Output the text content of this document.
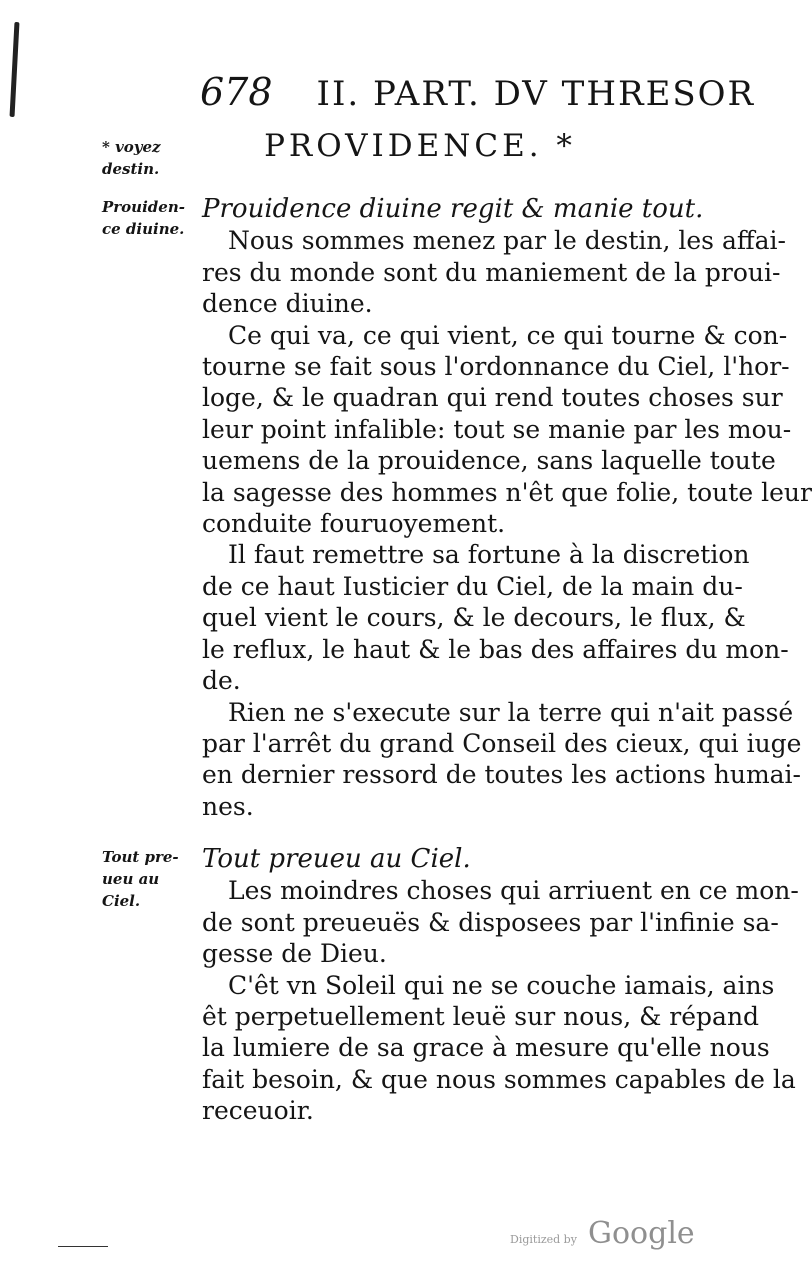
678 II. PART. DV THRESOR
PROVIDENCE. *
* voyez
destin.
Prouiden-
ce diuine.
Tout pre-
ueu au
Ciel.
Prouidence diuine regit & manie tout.
Nous sommes menez par le destin, les affai-
res du monde sont du maniement de la proui-
dence diuine.
Ce qui va, ce qui vient, ce qui tourne & con-
tourne se fait sous l'ordonnance du Ciel, l'hor-
loge, & le quadran qui rend toutes choses sur
leur point infalible: tout se manie par les mou-
uemens de la prouidence, sans laquelle toute
la sagesse des hommes n'êt que folie, toute leur
conduite fouruoyement.
Il faut remettre sa fortune à la discretion
de ce haut Iusticier du Ciel, de la main du-
quel vient le cours, & le decours, le flux, &
le reflux, le haut & le bas des affaires du mon-
de.
Rien ne s'execute sur la terre qui n'ait passé
par l'arrêt du grand Conseil des cieux, qui iuge
en dernier ressord de toutes les actions humai-
nes.
Tout preueu au Ciel.
Les moindres choses qui arriuent en ce mon-
de sont preueuës & disposees par l'infinie sa-
gesse de Dieu.
C'êt vn Soleil qui ne se couche iamais, ains
êt perpetuellement leuë sur nous, & répand
la lumiere de sa grace à mesure qu'elle nous
fait besoin, & que nous sommes capables de la
receuoir.
Digitized by Google
